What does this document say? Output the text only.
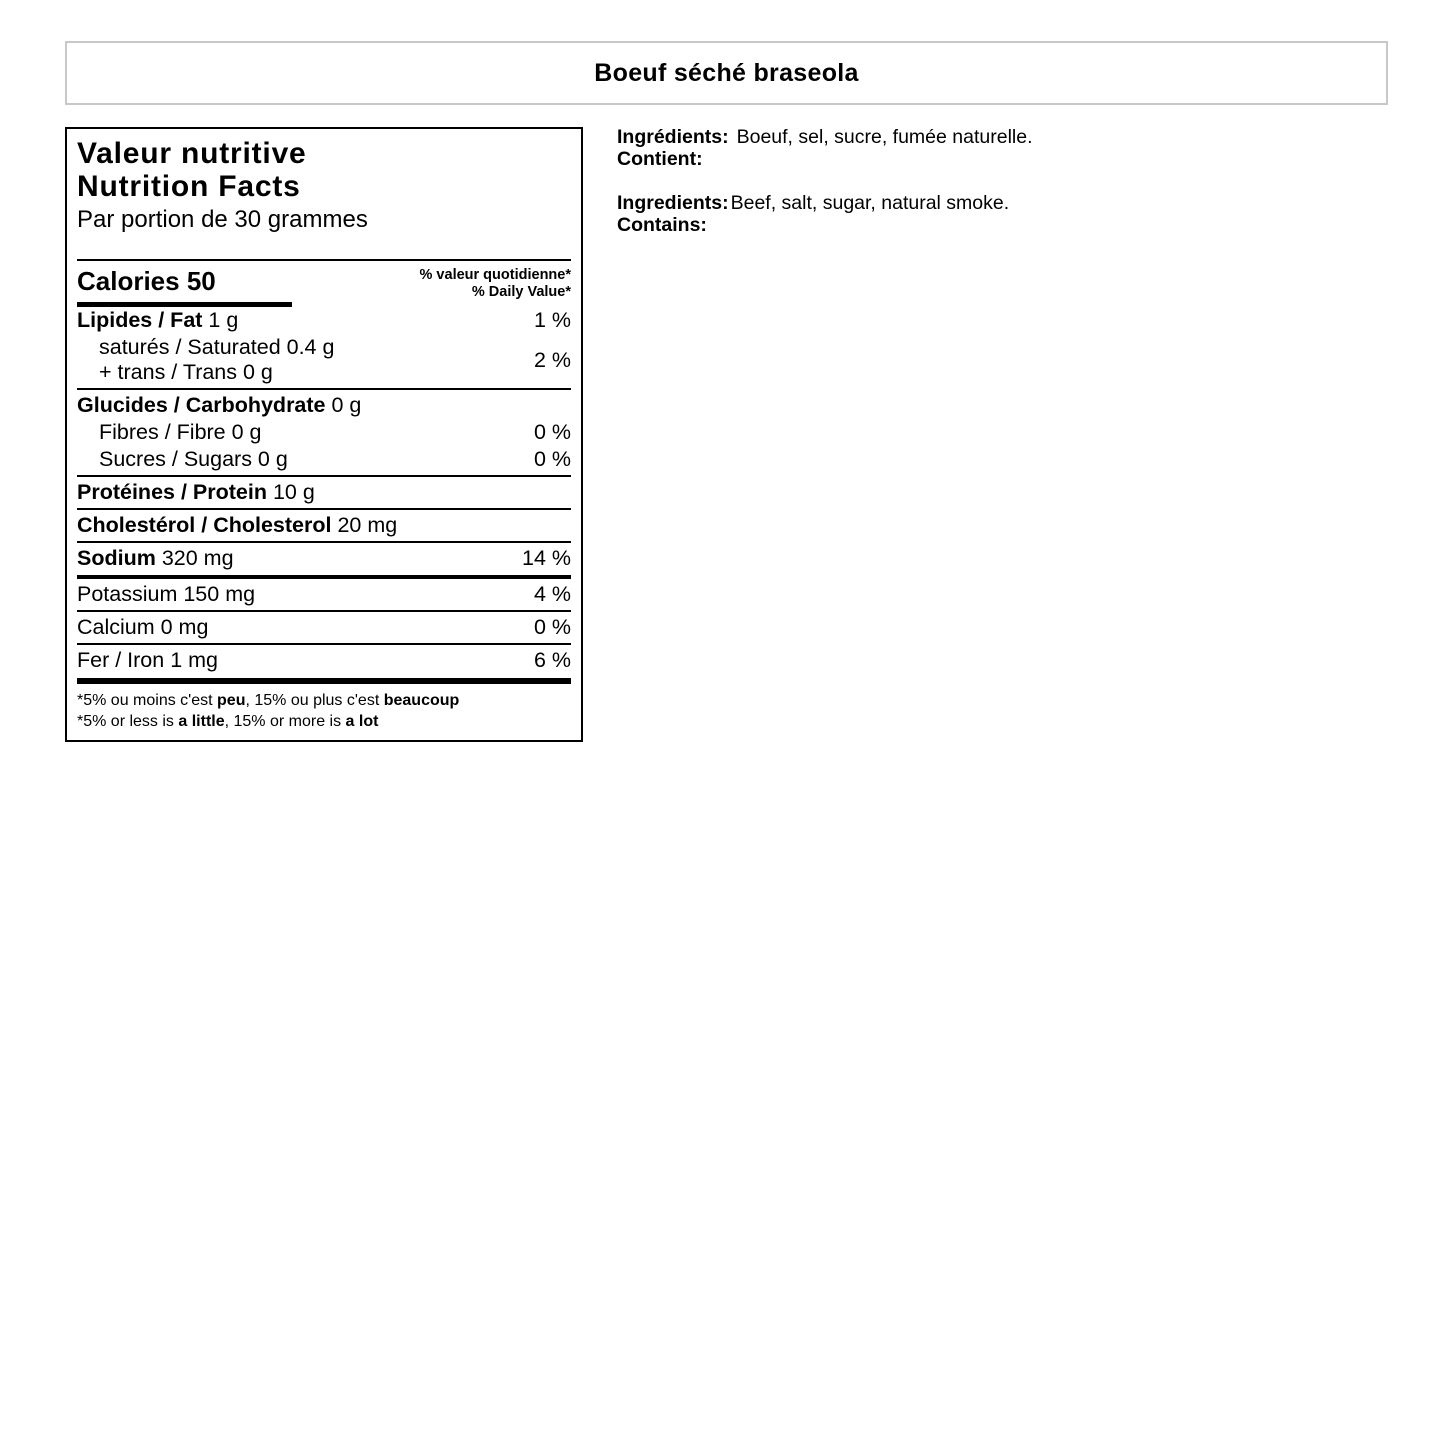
Boeuf séché braseola
Valeur nutritive
Nutrition Facts
Par portion de 30 grammes
Calories 50	% valeur quotidienne*
% Daily Value*
Lipides / Fat 1 g	1 %
saturés / Saturated 0.4 g
+ trans / Trans 0 g
2 %
Glucides / Carbohydrate 0 g
Fibres / Fibre 0 g	0 %
Sucres / Sugars 0 g	0 %
Protéines / Protein 10 g
Cholestérol / Cholesterol 20 mg
Sodium 320 mg	14 %
Potassium 150 mg	4 %
Calcium 0 mg	0 %
Fer / Iron 1 mg	6 %
*5% ou moins c'est peu, 15% ou plus c'est beaucoup
*5% or less is a little, 15% or more is a lot
Ingrédients: Boeuf, sel, sucre, fumée naturelle.
Contient:
Ingredients: Beef, salt, sugar, natural smoke.
Contains:
